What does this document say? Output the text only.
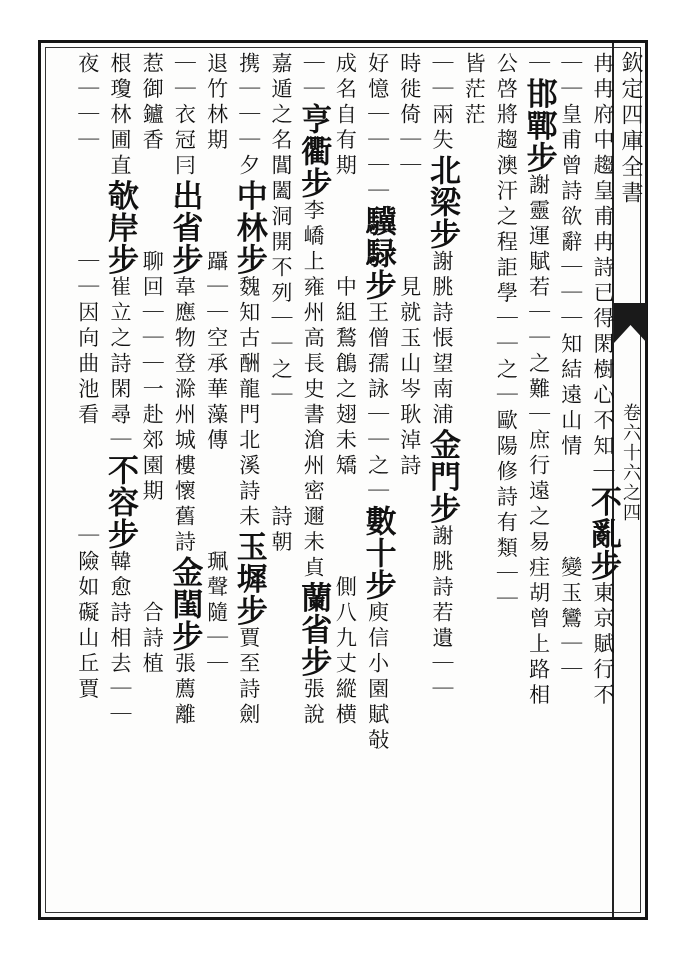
欽定四庫全書
卷六十六之四
冉冉府中趨皇甫冉詩已得閑樹心不知｜不亂步東京賦行不
｜｜皇甫曾詩欲辭｜｜｜知結遠山情變玉鸞｜｜
｜邯鄲步謝靈運賦若｜｜之難｜庶行遠之易疰胡曾上路相
公啓將趨澳汗之程詎學｜｜之｜歐陽修詩有類｜｜
皆茫茫
｜｜兩失北梁步謝朓詩悵望南浦金門步謝朓詩若遺｜｜
時徙倚｜｜見就玉山岑耿淖詩
好憶｜｜｜｜驥騄步王僧孺詠｜｜之｜數十步庾信小園賦敧
成名自有期中組鶖鶬之翅未矯側八九丈縱横
｜｜亨衢步李嶠上雍州高長史書滄州密邇未貞蘭省步張說
嘉遁之名閶闔洞開不列｜｜之｜詩朝
携｜｜｜夕中林步魏知古酬龍門北溪詩未玉墀步賈至詩劍
退竹林期躡｜｜空承華藻傳珮聲隨｜｜
｜｜衣冠冃出省步韋應物登滁州城樓懷舊詩金閨步張薦離
惹御鑪香聊回｜｜｜一赴郊園期合詩植
根瓊林圃直欹岸步崔立之詩閑尋｜不容步韓愈詩相去｜｜
夜｜｜｜｜｜因向曲池看｜險如礙山丘賈
